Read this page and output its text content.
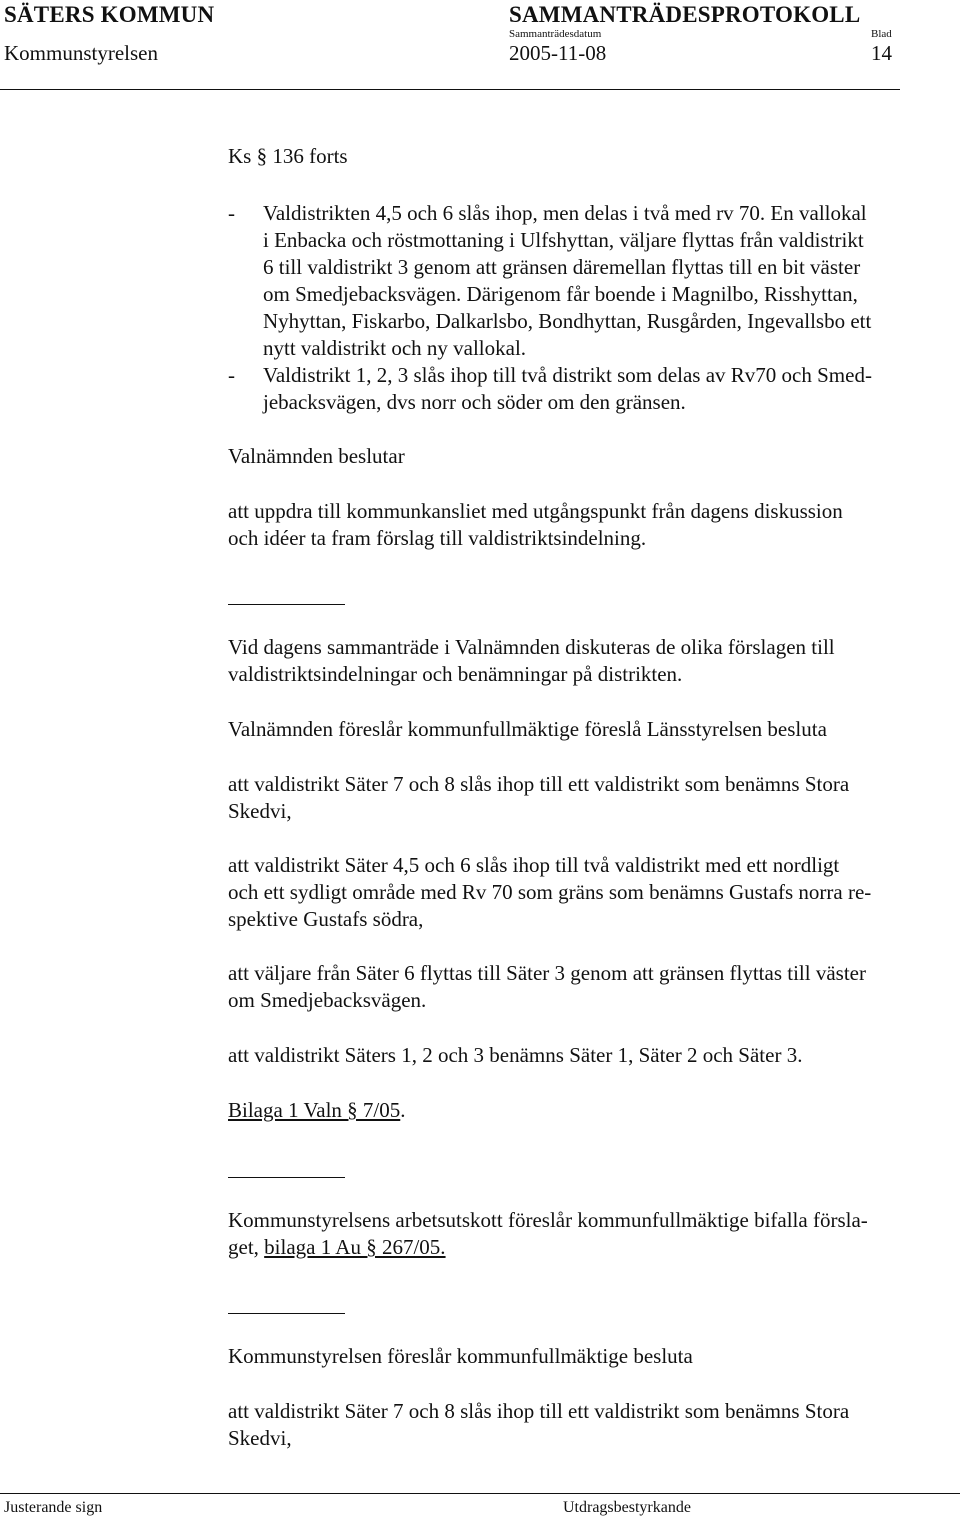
SÄTERS KOMMUN	SAMMANTRÄDESPROTOKOLL
Sammanträdesdatum	Blad
Kommunstyrelsen	2005-11-08	14
Ks § 136 forts
- Valdistrikten 4,5 och 6 slås ihop, men delas i två med rv 70. En vallokal
i Enbacka och röstmottaning i Ulfshyttan, väljare flyttas från valdistrikt
6 till valdistrikt 3 genom att gränsen däremellan flyttas till en bit väster
om Smedjebacksvägen. Därigenom får boende i Magnilbo, Risshyttan,
Nyhyttan, Fiskarbo, Dalkarlsbo, Bondhyttan, Rusgården, Ingevallsbo ett
nytt valdistrikt och ny vallokal.
- Valdistrikt 1, 2, 3 slås ihop till två distrikt som delas av Rv70 och Smed-
jebacksvägen, dvs norr och söder om den gränsen.
Valnämnden beslutar
att uppdra till kommunkansliet med utgångspunkt från dagens diskussion
och idéer ta fram förslag till valdistriktsindelning.
Vid dagens sammanträde i Valnämnden diskuteras de olika förslagen till
valdistriktsindelningar och benämningar på distrikten.
Valnämnden föreslår kommunfullmäktige föreslå Länsstyrelsen besluta
att valdistrikt Säter 7 och 8 slås ihop till ett valdistrikt som benämns Stora
Skedvi,
att valdistrikt Säter 4,5 och 6 slås ihop till två valdistrikt med ett nordligt
och ett sydligt område med Rv 70 som gräns som benämns Gustafs norra re-
spektive Gustafs södra,
att väljare från Säter 6 flyttas till Säter 3 genom att gränsen flyttas till väster
om Smedjebacksvägen.
att valdistrikt Säters 1, 2 och 3 benämns Säter 1, Säter 2 och Säter 3.
Bilaga 1 Valn § 7/05.
Kommunstyrelsens arbetsutskott föreslår kommunfullmäktige bifalla försla-
get, bilaga 1 Au § 267/05.
Kommunstyrelsen föreslår kommunfullmäktige besluta
att valdistrikt Säter 7 och 8 slås ihop till ett valdistrikt som benämns Stora
Skedvi,
Justerande sign	Utdragsbestyrkande
